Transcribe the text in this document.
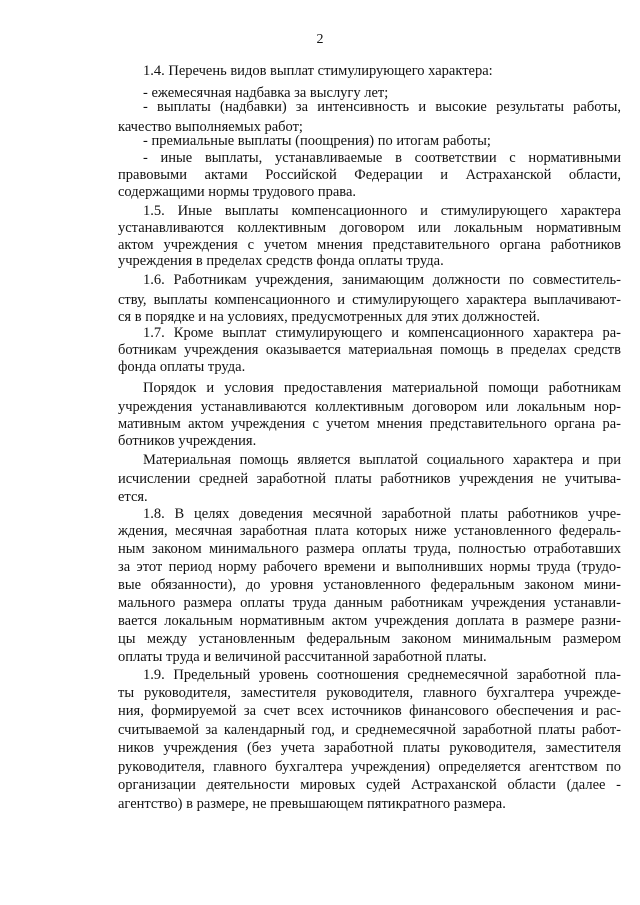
2
1.4. Перечень видов выплат стимулирующего характера:
- ежемесячная надбавка за выслугу лет;
- выплаты (надбавки) за интенсивность и высокие результаты работы,
качество выполняемых работ;
- премиальные выплаты (поощрения) по итогам работы;
- иные выплаты, устанавливаемые в соответствии с нормативными
правовыми актами Российской Федерации и Астраханской области,
содержащими нормы трудового права.
1.5. Иные выплаты компенсационного и стимулирующего характера
устанавливаются коллективным договором или локальным нормативным
актом учреждения с учетом мнения представительного органа работников
учреждения в пределах средств фонда оплаты труда.
1.6. Работникам учреждения, занимающим должности по совместитель-
ству, выплаты компенсационного и стимулирующего характера выплачивают-
ся в порядке и на условиях, предусмотренных для этих должностей.
1.7. Кроме выплат стимулирующего и компенсационного характера ра-
ботникам учреждения оказывается материальная помощь в пределах средств
фонда оплаты труда.
Порядок и условия предоставления материальной помощи работникам
учреждения устанавливаются коллективным договором или локальным нор-
мативным актом учреждения с учетом мнения представительного органа ра-
ботников учреждения.
Материальная помощь является выплатой социального характера и при
исчислении средней заработной платы работников учреждения не учитыва-
ется.
1.8. В целях доведения месячной заработной платы работников учре-
ждения, месячная заработная плата которых ниже установленного федераль-
ным законом минимального размера оплаты труда, полностью отработавших
за этот период норму рабочего времени и выполнивших нормы труда (трудо-
вые обязанности), до уровня установленного федеральным законом мини-
мального размера оплаты труда данным работникам учреждения устанавли-
вается локальным нормативным актом учреждения доплата в размере разни-
цы между установленным федеральным законом минимальным размером
оплаты труда и величиной рассчитанной заработной платы.
1.9. Предельный уровень соотношения среднемесячной заработной пла-
ты руководителя, заместителя руководителя, главного бухгалтера учрежде-
ния, формируемой за счет всех источников финансового обеспечения и рас-
считываемой за календарный год, и среднемесячной заработной платы работ-
ников учреждения (без учета заработной платы руководителя, заместителя
руководителя, главного бухгалтера учреждения) определяется агентством по
организации деятельности мировых судей Астраханской области (далее -
агентство) в размере, не превышающем пятикратного размера.
